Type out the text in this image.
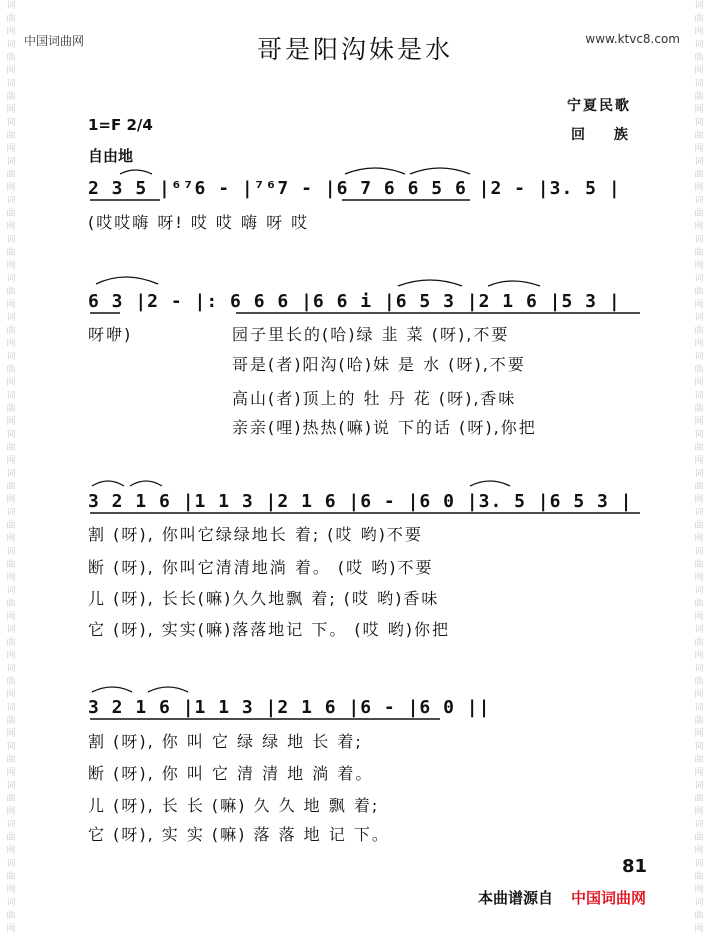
词曲网
词曲网
词曲网
词曲网
词曲网
词曲网
词曲网
词曲网
词曲网
词曲网
词曲网
词曲网
词曲网
词曲网
词曲网
词曲网
词曲网
词曲网
词曲网
词曲网
词曲网
词曲网
词曲网
词曲网
词曲网
词曲网
词曲网
词曲网
词曲网
词曲网
词曲网
词曲网
词曲网
词曲网
词曲网
词曲网
词曲网
词曲网
词曲网
词曲网
词曲网
词曲网
词曲网
词曲网
词曲网
词曲网
词曲网
词曲网
中国词曲网	www.ktvc8.com
哥是阳沟妹是水
1=F 2/4
自由地
宁夏民歌
回 族
2 3 5 |⁶⁷6 - |⁷⁶7 - |6 7 6 6 5 6 |2 - |3. 5 |
(哎哎嗨 呀! 哎 哎 嗨 呀 哎
6 3 |2 - |: 6 6 6 |6 6 i |6 5 3 |2 1 6 |5 3 |
呀咿)	园子里长的(哈)绿 韭 菜 (呀),不要
哥是(者)阳沟(哈)妹 是 水 (呀),不要
高山(者)顶上的 牡 丹 花 (呀),香味
亲亲(哩)热热(嘛)说 下的话 (呀),你把
3 2 1 6 |1 1 3 |2 1 6 |6 - |6 0 |3. 5 |6 5 3 |
割 (呀), 你叫它绿绿地长 着; (哎 哟)不要
断 (呀), 你叫它清清地淌 着。 (哎 哟)不要
儿 (呀), 长长(嘛)久久地飘 着; (哎 哟)香味
它 (呀), 实实(嘛)落落地记 下。 (哎 哟)你把
3 2 1 6 |1 1 3 |2 1 6 |6 - |6 0 ||
割 (呀), 你 叫 它 绿 绿 地 长 着;
断 (呀), 你 叫 它 清 清 地 淌 着。
儿 (呀), 长 长 (嘛) 久 久 地 飘 着;
它 (呀), 实 实 (嘛) 落 落 地 记 下。
81
本曲谱源自 中国词曲网
